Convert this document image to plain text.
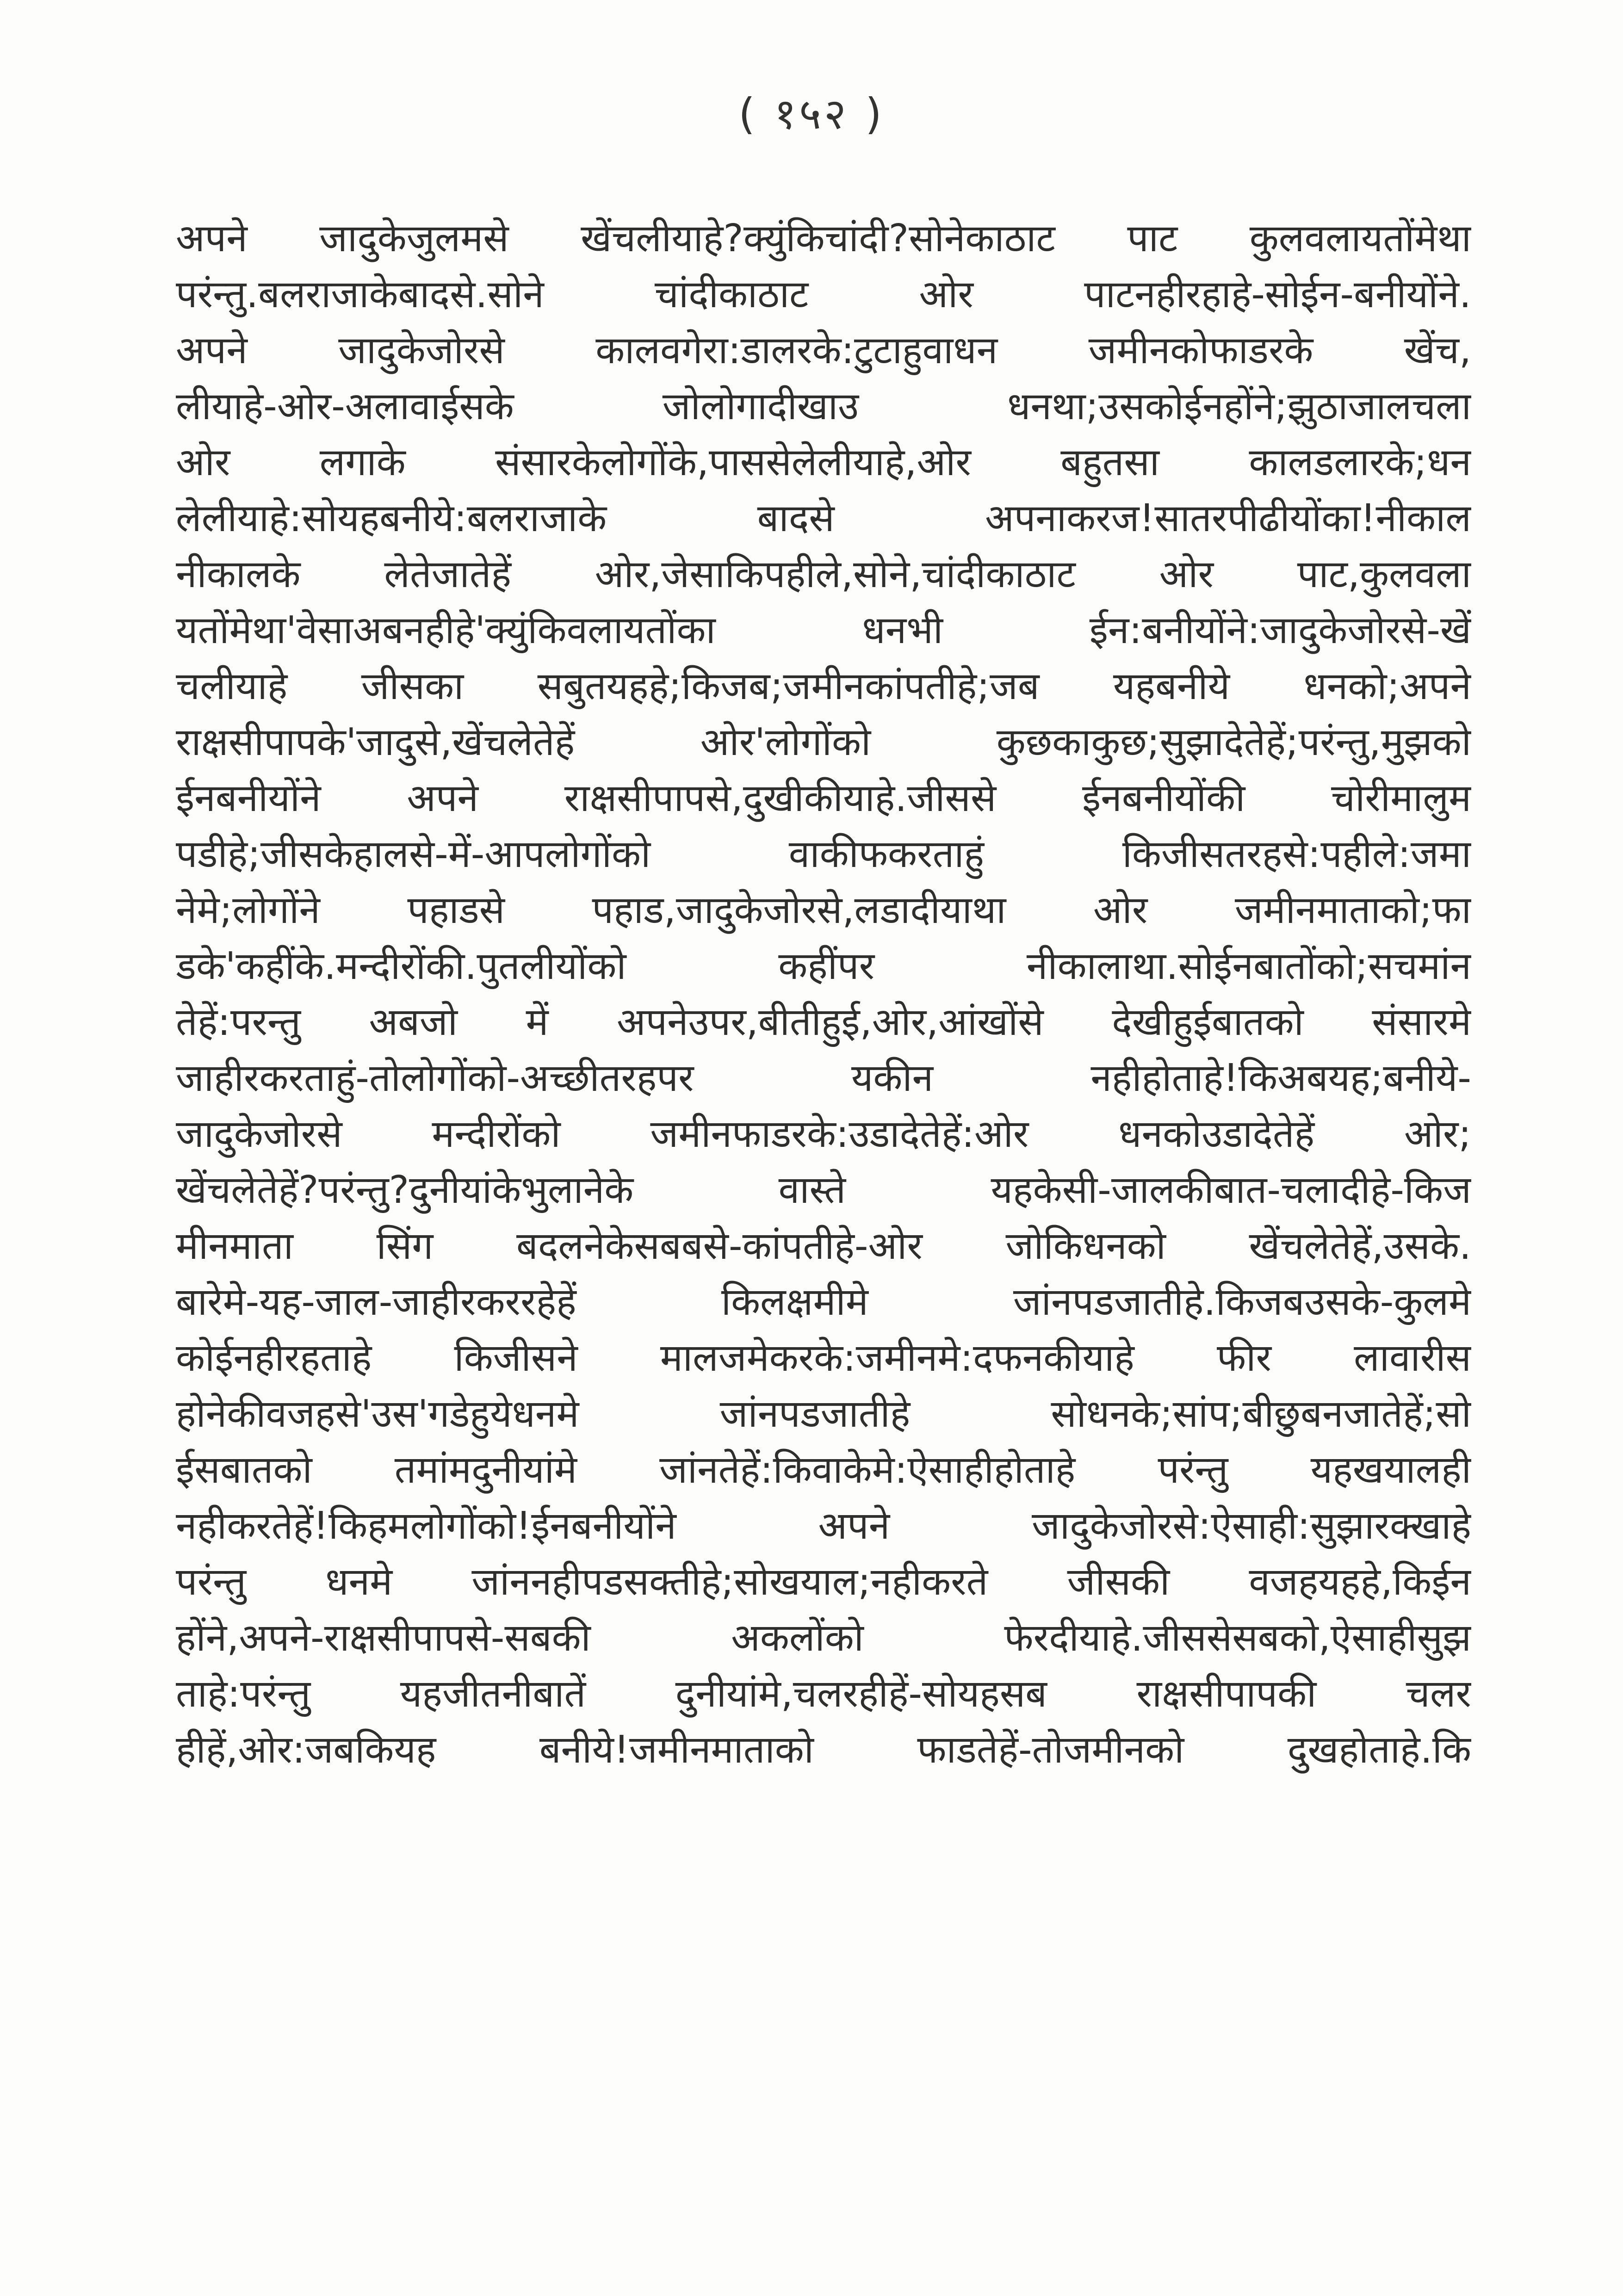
( १५२ )
अपने जादुकेजुलमसे खेंचलीयाहे?क्युंकिचांदी?सोनेकाठाट पाट कुलवलायतोंमेथा
परंन्तु.बलराजाकेबादसे.सोने चांदीकाठाट ओर पाटनहीरहाहे-सोईन-बनीयोंने.
अपने जादुकेजोरसे कालवगेरा:डालरके:टुटाहुवाधन जमीनकोफाडरके खेंच,
लीयाहे-ओर-अलावाईसके जोलोगादीखाउ धनथा;उसकोईनहोंने;झुठाजालचला
ओर लगाके संसारकेलोगोंके,पाससेलेलीयाहे,ओर बहुतसा कालडलारके;धन
लेलीयाहे:सोयहबनीये:बलराजाके बादसे अपनाकरज!सातरपीढीयोंका!नीकाल
नीकालके लेतेजातेहें ओर,जेसाकिपहीले,सोने,चांदीकाठाट ओर पाट,कुलवला
यतोंमेथा'वेसाअबनहीहे'क्युंकिवलायतोंका धनभी ईन:बनीयोंने:जादुकेजोरसे-खें
चलीयाहे जीसका सबुतयहहे;किजब;जमीनकांपतीहे;जब यहबनीये धनको;अपने
राक्षसीपापके'जादुसे,खेंचलेतेहें ओर'लोगोंको कुछकाकुछ;सुझादेतेहें;परंन्तु,मुझको
ईनबनीयोंने अपने राक्षसीपापसे,दुखीकीयाहे.जीससे ईनबनीयोंकी चोरीमालुम
पडीहे;जीसकेहालसे-में-आपलोगोंको वाकीफकरताहुं किजीसतरहसे:पहीले:जमा
नेमे;लोगोंने पहाडसे पहाड,जादुकेजोरसे,लडादीयाथा ओर जमीनमाताको;फा
डके'कहींके.मन्दीरोंकी.पुतलीयोंको कहींपर नीकालाथा.सोईनबातोंको;सचमांन
तेहें:परन्तु अबजो में अपनेउपर,बीतीहुई,ओर,आंखोंसे देखीहुईबातको संसारमे
जाहीरकरताहुं-तोलोगोंको-अच्छीतरहपर यकीन नहीहोताहे!किअबयह;बनीये-
जादुकेजोरसे मन्दीरोंको जमीनफाडरके:उडादेतेहें:ओर धनकोउडादेतेहें ओर;
खेंचलेतेहें?परंन्तु?दुनीयांकेभुलानेके वास्ते यहकेसी-जालकीबात-चलादीहे-किज
मीनमाता सिंग बदलनेकेसबबसे-कांपतीहे-ओर जोकिधनको खेंचलेतेहें,उसके.
बारेमे-यह-जाल-जाहीरकररहेहें किलक्षमीमे जांनपडजातीहे.किजबउसके-कुलमे
कोईनहीरहताहे किजीसने मालजमेकरके:जमीनमे:दफनकीयाहे फीर लावारीस
होनेकीवजहसे'उस'गडेहुयेधनमे जांनपडजातीहे सोधनके;सांप;बीछुबनजातेहें;सो
ईसबातको तमांमदुनीयांमे जांनतेहें:किवाकेमे:ऐसाहीहोताहे परंन्तु यहखयालही
नहीकरतेहें!किहमलोगोंको!ईनबनीयोंने अपने जादुकेजोरसे:ऐसाही:सुझारक्खाहे
परंन्तु धनमे जांननहीपडसक्तीहे;सोखयाल;नहीकरते जीसकी वजहयहहे,किईन
होंने,अपने-राक्षसीपापसे-सबकी अकलोंको फेरदीयाहे.जीससेसबको,ऐसाहीसुझ
ताहे:परंन्तु यहजीतनीबातें दुनीयांमे,चलरहीहें-सोयहसब राक्षसीपापकी चलर
हीहें,ओर:जबकियह बनीये!जमीनमाताको फाडतेहें-तोजमीनको दुखहोताहे.कि
